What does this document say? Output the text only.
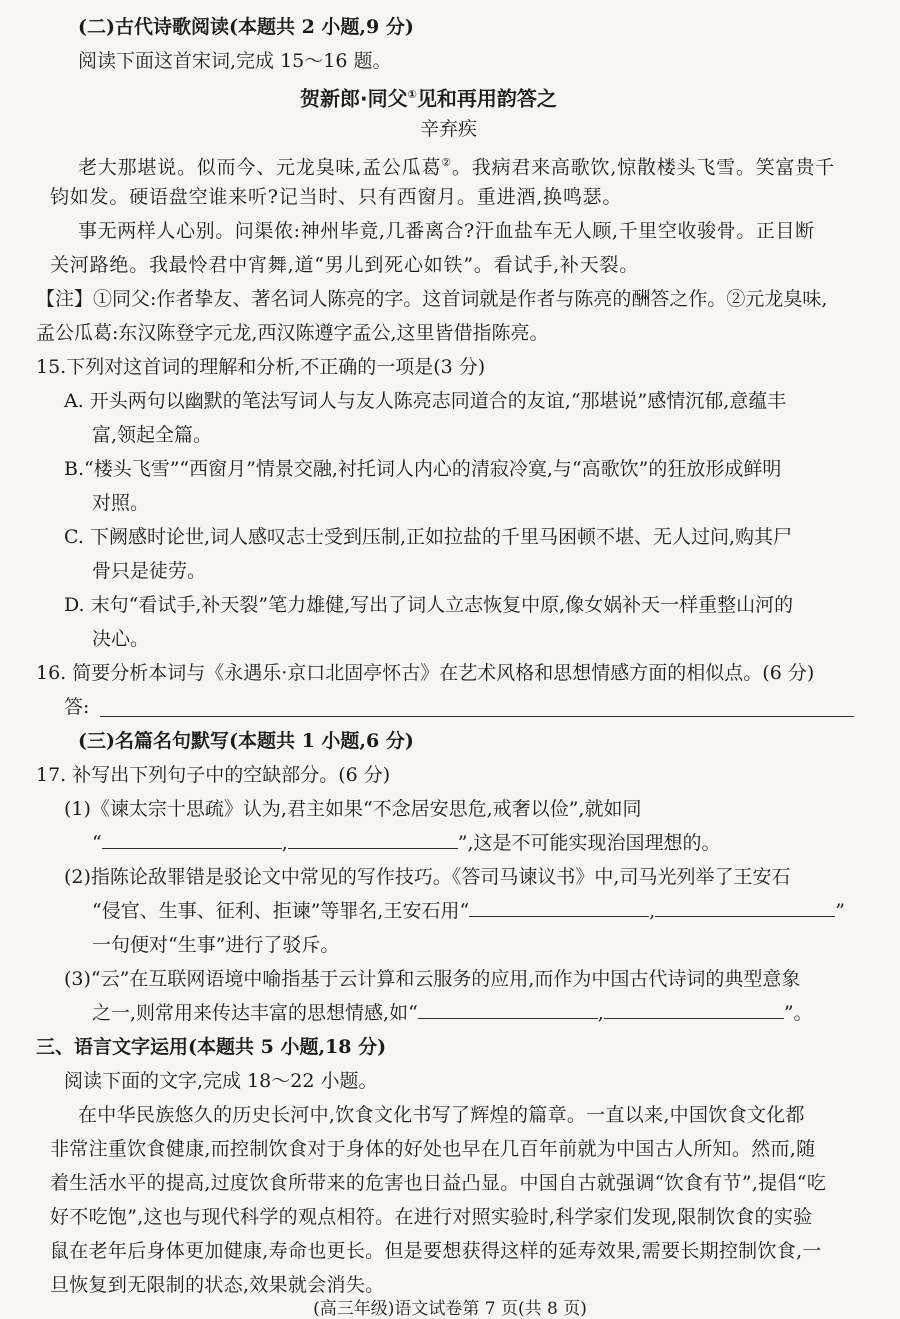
(二)古代诗歌阅读(本题共 2 小题,9 分)
阅读下面这首宋词,完成 15～16 题。
贺新郎·同父①见和再用韵答之
辛弃疾
老大那堪说。似而今、元龙臭味,孟公瓜葛②。我病君来高歌饮,惊散楼头飞雪。笑富贵千
钧如发。硬语盘空谁来听?记当时、只有西窗月。重进酒,换鸣瑟。
事无两样人心别。问渠侬:神州毕竟,几番离合?汗血盐车无人顾,千里空收骏骨。正目断
关河路绝。我最怜君中宵舞,道“男儿到死心如铁”。看试手,补天裂。
【注】①同父:作者挚友、著名词人陈亮的字。这首词就是作者与陈亮的酬答之作。②元龙臭味,
孟公瓜葛:东汉陈登字元龙,西汉陈遵字孟公,这里皆借指陈亮。
15.下列对这首词的理解和分析,不正确的一项是(3 分)
A. 开头两句以幽默的笔法写词人与友人陈亮志同道合的友谊,“那堪说”感情沉郁,意蕴丰
富,领起全篇。
B.“楼头飞雪”“西窗月”情景交融,衬托词人内心的清寂冷寞,与“高歌饮”的狂放形成鲜明
对照。
C. 下阙感时论世,词人感叹志士受到压制,正如拉盐的千里马困顿不堪、无人过问,购其尸
骨只是徒劳。
D. 末句“看试手,补天裂”笔力雄健,写出了词人立志恢复中原,像女娲补天一样重整山河的
决心。
16. 简要分析本词与《永遇乐·京口北固亭怀古》在艺术风格和思想情感方面的相似点。(6 分)
答:
(三)名篇名句默写(本题共 1 小题,6 分)
17. 补写出下列句子中的空缺部分。(6 分)
(1)《谏太宗十思疏》认为,君主如果“不念居安思危,戒奢以俭”,就如同
“	,	”,这是不可能实现治国理想的。
(2)指陈论敌罪错是驳论文中常见的写作技巧。《答司马谏议书》中,司马光列举了王安石
“侵官、生事、征利、拒谏”等罪名,王安石用“	,	”
一句便对“生事”进行了驳斥。
(3)“云”在互联网语境中喻指基于云计算和云服务的应用,而作为中国古代诗词的典型意象
之一,则常用来传达丰富的思想情感,如“	,	”。
三、语言文字运用(本题共 5 小题,18 分)
阅读下面的文字,完成 18～22 小题。
在中华民族悠久的历史长河中,饮食文化书写了辉煌的篇章。一直以来,中国饮食文化都
非常注重饮食健康,而控制饮食对于身体的好处也早在几百年前就为中国古人所知。然而,随
着生活水平的提高,过度饮食所带来的危害也日益凸显。中国自古就强调“饮食有节”,提倡“吃
好不吃饱”,这也与现代科学的观点相符。在进行对照实验时,科学家们发现,限制饮食的实验
鼠在老年后身体更加健康,寿命也更长。但是要想获得这样的延寿效果,需要长期控制饮食,一
旦恢复到无限制的状态,效果就会消失。
(高三年级)语文试卷第 7 页(共 8 页)
